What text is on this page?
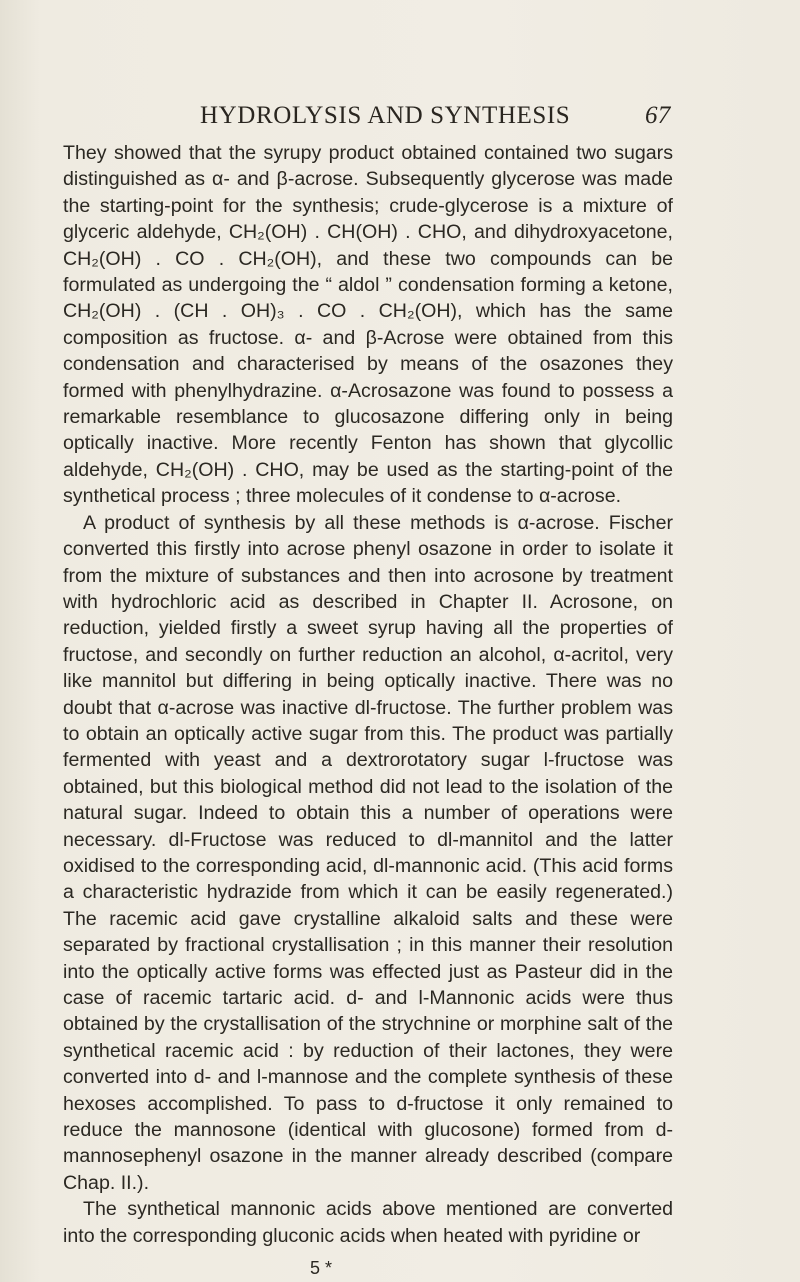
HYDROLYSIS AND SYNTHESIS	67

They showed that the syrupy product obtained contained two sugars distinguished as α- and β-acrose. Subsequently glycerose was made the starting-point for the synthesis; crude-glycerose is a mixture of glyceric aldehyde, CH₂(OH) . CH(OH) . CHO, and dihydroxyacetone, CH₂(OH) . CO . CH₂(OH), and these two compounds can be formulated as undergoing the “ aldol ” condensation forming a ketone, CH₂(OH) . (CH . OH)₃ . CO . CH₂(OH), which has the same composition as fructose. α- and β-Acrose were obtained from this condensation and characterised by means of the osazones they formed with phenylhydrazine. α-Acrosazone was found to possess a remarkable resemblance to glucosazone differing only in being optically inactive. More recently Fenton has shown that glycollic aldehyde, CH₂(OH) . CHO, may be used as the starting-point of the synthetical process ; three molecules of it condense to α-acrose.

A product of synthesis by all these methods is α-acrose. Fischer converted this firstly into acrose phenyl osazone in order to isolate it from the mixture of substances and then into acrosone by treatment with hydrochloric acid as described in Chapter II. Acrosone, on reduction, yielded firstly a sweet syrup having all the properties of fructose, and secondly on further reduction an alcohol, α-acritol, very like mannitol but differing in being optically inactive. There was no doubt that α-acrose was inactive dl-fructose. The further problem was to obtain an optically active sugar from this. The product was partially fermented with yeast and a dextrorotatory sugar l-fructose was obtained, but this biological method did not lead to the isolation of the natural sugar. Indeed to obtain this a number of operations were necessary. dl-Fructose was reduced to dl-mannitol and the latter oxidised to the corresponding acid, dl-mannonic acid. (This acid forms a characteristic hydrazide from which it can be easily regenerated.) The racemic acid gave crystalline alkaloid salts and these were separated by fractional crystallisation ; in this manner their resolution into the optically active forms was effected just as Pasteur did in the case of racemic tartaric acid. d- and l-Mannonic acids were thus obtained by the crystallisation of the strychnine or morphine salt of the synthetical racemic acid : by reduction of their lactones, they were converted into d- and l-mannose and the complete synthesis of these hexoses accomplished. To pass to d-fructose it only remained to reduce the mannosone (identical with glucosone) formed from d-mannosephenyl osazone in the manner already described (compare Chap. II.).

The synthetical mannonic acids above mentioned are converted into the corresponding gluconic acids when heated with pyridine or

5 *
